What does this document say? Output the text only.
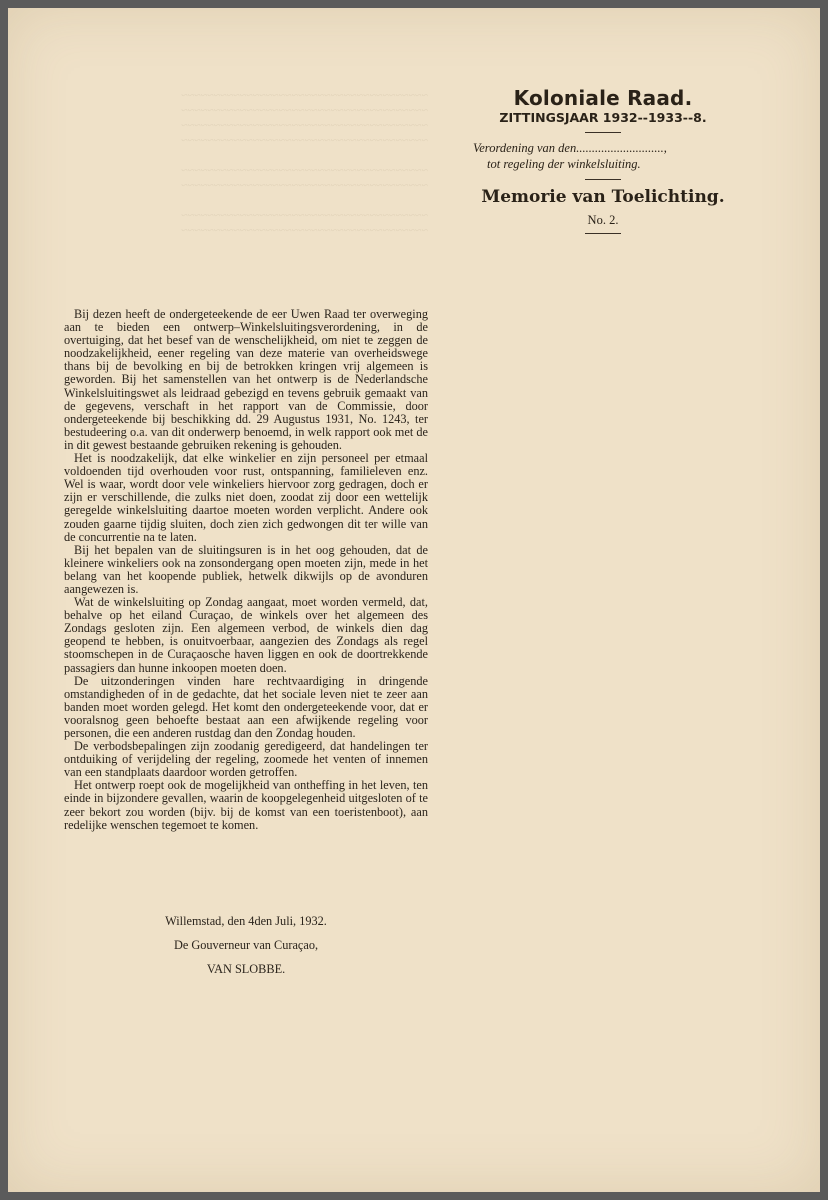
~~~~~~~~~~~~~~~~~~~~~~~~~~~~~~~~~~~~~~
~~~~~~~~~~~~~~~~~~~~~~~~~~~~~~~~~~~~~~
~~~~~~~~~~~~~~~~~~~~~~~~~~~~~~~~~~~~~~
~~~~~~~~~~~~~~~~~~~~~~~~~~~~~~~~~~~~~~

~~~~~~~~~~~~~~~~~~~~~~~~~~~~~~~~~~~~~~
~~~~~~~~~~~~~~~~~~~~~~~~~~~~~~~~~~~~~~

~~~~~~~~~~~~~~~~~~~~~~~~~~~~~~~~~~~~~~
~~~~~~~~~~~~~~~~~~~~~~~~~~~~~~~~~~~~~~
Koloniale Raad.
ZITTINGSJAAR 1932--1933--8.
Verordening van den............................,
tot regeling der winkelsluiting.
Memorie van Toelichting.
No. 2.

Bij dezen heeft de ondergeteekende de eer Uwen Raad ter overweging aan te bieden een ontwerp–Winkelsluitingsverordening, in de overtuiging, dat het besef van de wenschelijkheid, om niet te zeggen de noodzakelijkheid, eener regeling van deze materie van overheidswege thans bij de bevolking en bij de betrokken kringen vrij algemeen is geworden. Bij het samenstellen van het ontwerp is de Nederlandsche Winkelsluitingswet als leidraad gebezigd en tevens gebruik gemaakt van de gegevens, verschaft in het rapport van de Commissie, door ondergeteekende bij beschikking dd. 29 Augustus 1931, No. 1243, ter bestudeering o.a. van dit onderwerp benoemd, in welk rapport ook met de in dit gewest bestaande gebruiken rekening is gehouden.

Het is noodzakelijk, dat elke winkelier en zijn personeel per etmaal voldoenden tijd overhouden voor rust, ontspanning, familieleven enz. Wel is waar, wordt door vele winkeliers hiervoor zorg gedragen, doch er zijn er verschillende, die zulks niet doen, zoodat zij door een wettelijk geregelde winkelsluiting daartoe moeten worden verplicht. Andere ook zouden gaarne tijdig sluiten, doch zien zich gedwongen dit ter wille van de concurrentie na te laten.

Bij het bepalen van de sluitingsuren is in het oog gehouden, dat de kleinere winkeliers ook na zonsondergang open moeten zijn, mede in het belang van het koopende publiek, hetwelk dikwijls op de avonduren aangewezen is.

Wat de winkelsluiting op Zondag aangaat, moet worden vermeld, dat, behalve op het eiland Curaçao, de winkels over het algemeen des Zondags gesloten zijn. Een algemeen verbod, de winkels dien dag geopend te hebben, is onuitvoerbaar, aangezien des Zondags als regel stoomschepen in de Curaçaosche haven liggen en ook de doortrekkende passagiers dan hunne inkoopen moeten doen.

De uitzonderingen vinden hare rechtvaardiging in dringende omstandigheden of in de gedachte, dat het sociale leven niet te zeer aan banden moet worden gelegd. Het komt den ondergeteekende voor, dat er vooralsnog geen behoefte bestaat aan een afwijkende regeling voor personen, die een anderen rustdag dan den Zondag houden.

De verbodsbepalingen zijn zoodanig geredigeerd, dat handelingen ter ontduiking of verijdeling der regeling, zoomede het venten of innemen van een standplaats daardoor worden getroffen.

Het ontwerp roept ook de mogelijkheid van ontheffing in het leven, ten einde in bijzondere gevallen, waarin de koopgelegenheid uitgesloten of te zeer bekort zou worden (bijv. bij de komst van een toeristenboot), aan redelijke wenschen tegemoet te komen.

Willemstad, den 4den Juli, 1932.
De Gouverneur van Curaçao,
VAN SLOBBE.
